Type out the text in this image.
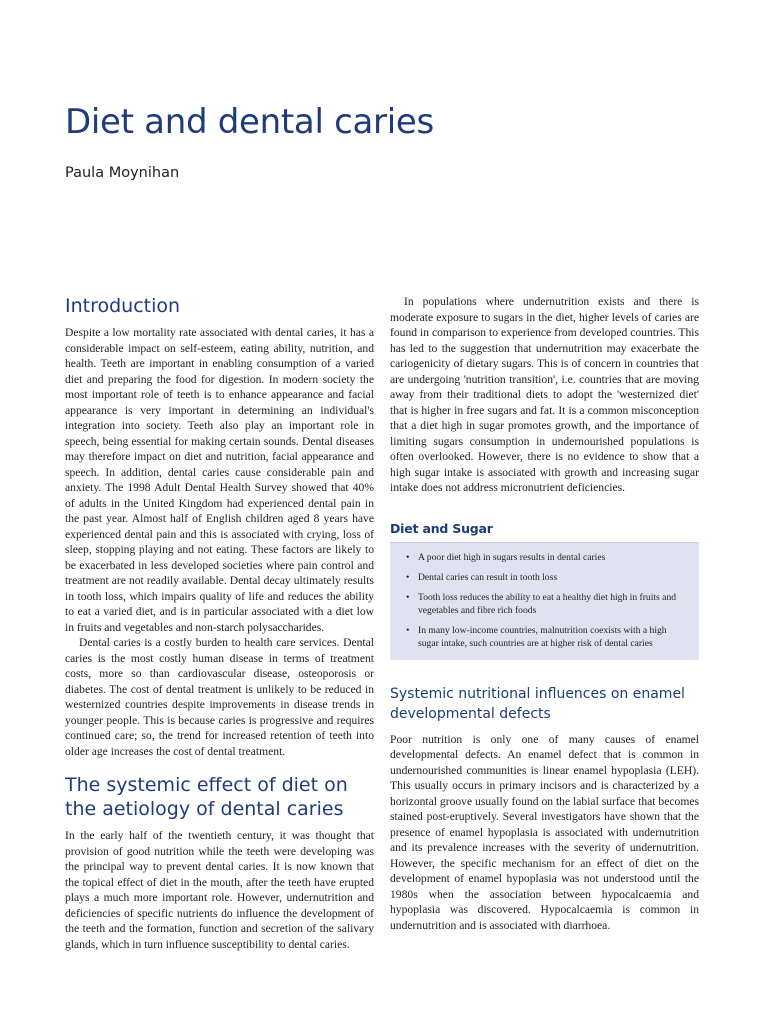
Diet and dental caries

Paula Moynihan

Introduction

Despite a low mortality rate associated with dental caries, it has a considerable impact on self-esteem, eating ability, nutrition, and health. Teeth are important in enabling consumption of a varied diet and preparing the food for digestion. In modern society the most important role of teeth is to enhance appearance and facial appearance is very important in determining an individual's integration into society. Teeth also play an important role in speech, being essential for making certain sounds. Dental diseases may therefore impact on diet and nutrition, facial appearance and speech. In addition, dental caries cause considerable pain and anxiety. The 1998 Adult Dental Health Survey showed that 40% of adults in the United Kingdom had experienced dental pain in the past year. Almost half of English children aged 8 years have experienced dental pain and this is associated with crying, loss of sleep, stopping playing and not eating. These factors are likely to be exacerbated in less developed societies where pain control and treatment are not readily available. Dental decay ultimately results in tooth loss, which impairs quality of life and reduces the ability to eat a varied diet, and is in particular associated with a diet low in fruits and vegetables and non-starch polysaccharides.

Dental caries is a costly burden to health care services. Dental caries is the most costly human disease in terms of treatment costs, more so than cardiovascular disease, osteoporosis or diabetes. The cost of dental treatment is unlikely to be reduced in westernized countries despite improvements in disease trends in younger people. This is because caries is progressive and requires continued care; so, the trend for increased retention of teeth into older age increases the cost of dental treatment.

The systemic effect of diet on the aetiology of dental caries

In the early half of the twentieth century, it was thought that provision of good nutrition while the teeth were developing was the principal way to prevent dental caries. It is now known that the topical effect of diet in the mouth, after the teeth have erupted plays a much more important role. However, undernutrition and deficiencies of specific nutrients do influence the development of the teeth and the formation, function and secretion of the salivary glands, which in turn influence susceptibility to dental caries.

In populations where undernutrition exists and there is moderate exposure to sugars in the diet, higher levels of caries are found in comparison to experience from developed countries. This has led to the suggestion that undernutrition may exacerbate the cariogenicity of dietary sugars. This is of concern in countries that are undergoing 'nutrition transition', i.e. countries that are moving away from their traditional diets to adopt the 'westernized diet' that is higher in free sugars and fat. It is a common misconception that a diet high in sugar promotes growth, and the importance of limiting sugars consumption in undernourished populations is often overlooked. However, there is no evidence to show that a high sugar intake is associated with growth and increasing sugar intake does not address micronutrient deficiencies.

Diet and Sugar

• A poor diet high in sugars results in dental caries
• Dental caries can result in tooth loss
• Tooth loss reduces the ability to eat a healthy diet high in fruits and vegetables and fibre rich foods
• In many low-income countries, malnutrition coexists with a high sugar intake, such countries are at higher risk of dental caries
Systemic nutritional influences on enamel developmental defects

Poor nutrition is only one of many causes of enamel developmental defects. An enamel defect that is common in undernourished communities is linear enamel hypoplasia (LEH). This usually occurs in primary incisors and is characterized by a horizontal groove usually found on the labial surface that becomes stained post-eruptively. Several investigators have shown that the presence of enamel hypoplasia is associated with undernutrition and its prevalence increases with the severity of undernutrition. However, the specific mechanism for an effect of diet on the development of enamel hypoplasia was not understood until the 1980s when the association between hypocalcaemia and hypoplasia was discovered. Hypocalcaemia is common in undernutrition and is associated with diarrhoea.
